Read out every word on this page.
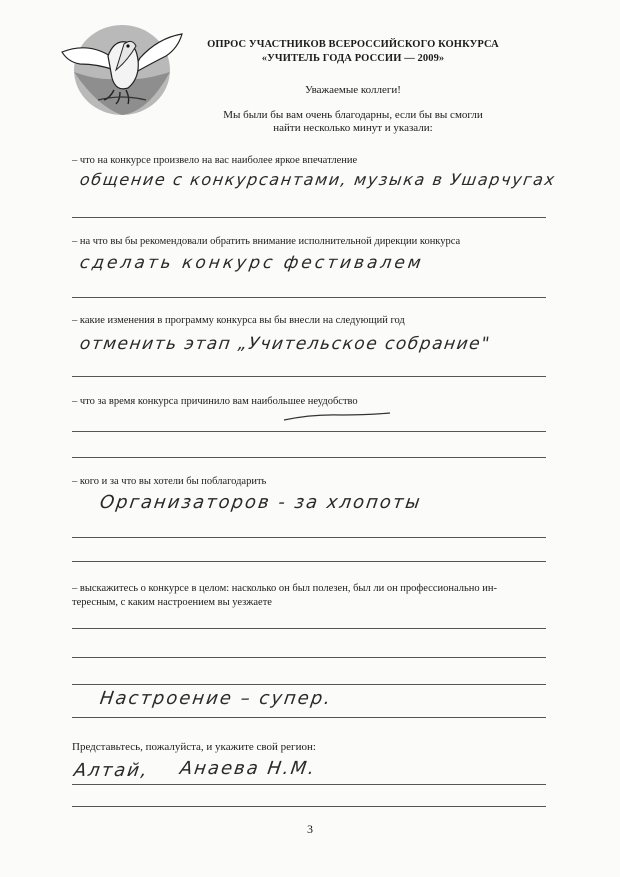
ОПРОС УЧАСТНИКОВ ВСЕРОССИЙСКОГО КОНКУРСА
«УЧИТЕЛЬ ГОДА РОССИИ — 2009»
Уважаемые коллеги!
Мы были бы вам очень благодарны, если бы вы смогли
найти несколько минут и указали:
– что на конкурсе произвело на вас наиболее яркое впечатление
общение с конкурсантами, музыка в Ушарчугах
– на что вы бы рекомендовали обратить внимание исполнительной дирекции конкурса
сделать конкурс фестивалем
– какие изменения в программу конкурса вы бы внесли на следующий год
отменить этап „Учительское собрание"
– что за время конкурса причинило вам наибольшее неудобство
– кого и за что вы хотели бы поблагодарить
Организаторов - за хлопоты
– выскажитесь о конкурсе в целом: насколько он был полезен, был ли он профессионально ин-
тересным, с каким настроением вы уезжаете
Настроение – супер.
Представьтесь, пожалуйста, и укажите свой регион:
Алтай, Анаева Н.М.
3
